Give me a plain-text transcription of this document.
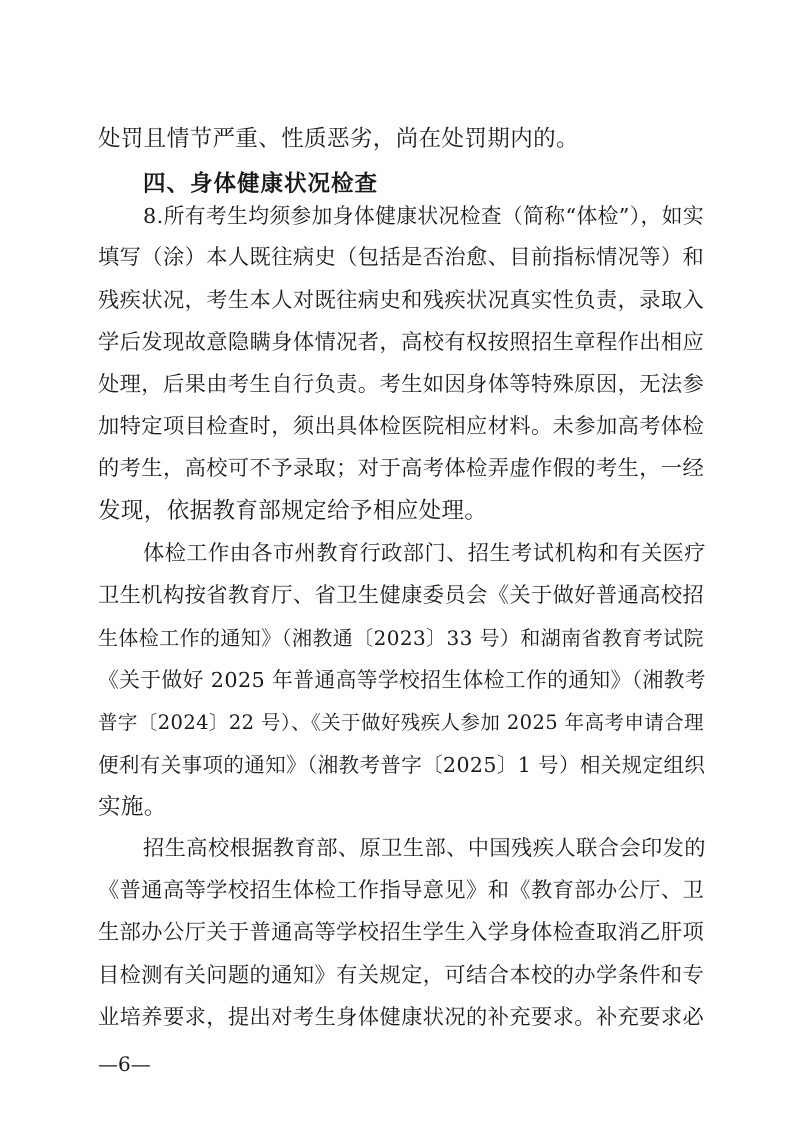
处罚且情节严重、性质恶劣，尚在处罚期内的。
四、身体健康状况检查
8.所有考生均须参加身体健康状况检查（简称“体检”），如实
填写（涂）本人既往病史（包括是否治愈、目前指标情况等）和
残疾状况，考生本人对既往病史和残疾状况真实性负责，录取入
学后发现故意隐瞒身体情况者，高校有权按照招生章程作出相应
处理，后果由考生自行负责。考生如因身体等特殊原因，无法参
加特定项目检查时，须出具体检医院相应材料。未参加高考体检
的考生，高校可不予录取；对于高考体检弄虚作假的考生，一经
发现，依据教育部规定给予相应处理。
体检工作由各市州教育行政部门、招生考试机构和有关医疗
卫生机构按省教育厅、省卫生健康委员会《关于做好普通高校招
生体检工作的通知》（湘教通〔2023〕33 号）和湖南省教育考试院
《关于做好 2025 年普通高等学校招生体检工作的通知》（湘教考
普字〔2024〕22 号）、《关于做好残疾人参加 2025 年高考申请合理
便利有关事项的通知》（湘教考普字〔2025〕1 号）相关规定组织
实施。
招生高校根据教育部、原卫生部、中国残疾人联合会印发的
《普通高等学校招生体检工作指导意见》和《教育部办公厅、卫
生部办公厅关于普通高等学校招生学生入学身体检查取消乙肝项
目检测有关问题的通知》有关规定，可结合本校的办学条件和专
业培养要求，提出对考生身体健康状况的补充要求。补充要求必
—6—
